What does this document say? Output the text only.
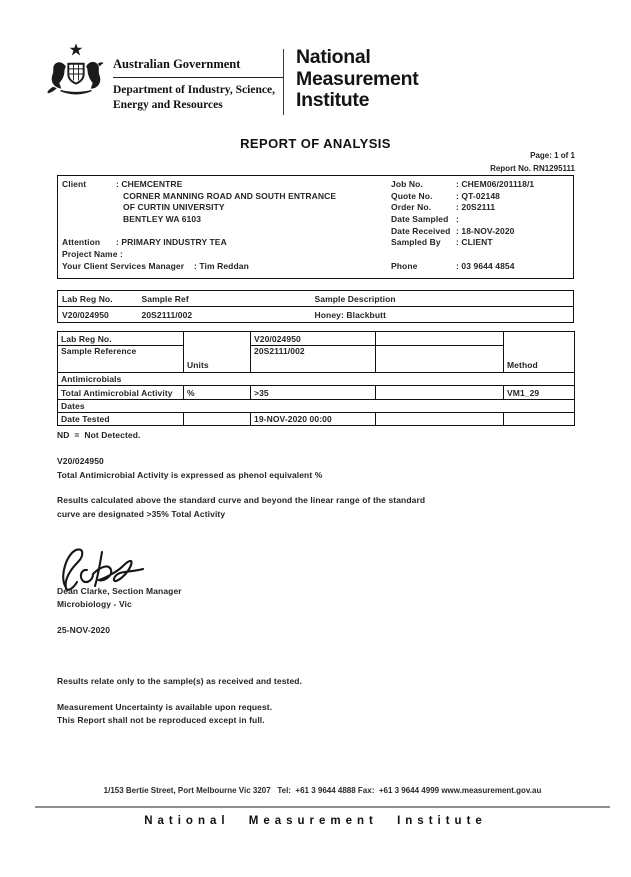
Australian Government
Department of Industry, Science,
Energy and Resources
National
Measurement
Institute
REPORT OF ANALYSIS
Page: 1 of 1
Report No. RN1295111
Client	: CHEMCENTRE
CORNER MANNING ROAD AND SOUTH ENTRANCE
OF CURTIN UNIVERSITY
BENTLEY WA 6103

Attention : PRIMARY INDUSTRY TEA
Project Name :
Your Client Services Manager : Tim Reddan
Job No.	: CHEM06/201118/1
Quote No.	: QT-02148
Order No.	: 20S2111
Date Sampled :
Date Received : 18-NOV-2020
Sampled By : CLIENT

Phone	: 03 9644 4854
Lab Reg No.	Sample Ref	Sample Description
V20/024950	20S2111/002	Honey: Blackbutt
Lab Reg No.	Units	V20/024950		Method
Sample Reference		20S2111/002		
Antimicrobials				
Total Antimicrobial Activity	%	>35		VM1_29
Dates				
Date Tested		19-NOV-2020 00:00		
ND  =  Not Detected.
V20/024950
Total Antimicrobial Activity is expressed as phenol equivalent %
Results calculated above the standard curve and beyond the linear range of the standard
curve are designated >35% Total Activity
Dean Clarke, Section Manager
Microbiology - Vic
25-NOV-2020
Results relate only to the sample(s) as received and tested.
Measurement Uncertainty is available upon request.
This Report shall not be reproduced except in full.
1/153 Bertie Street, Port Melbourne Vic 3207   Tel:  +61 3 9644 4888 Fax:  +61 3 9644 4999 www.measurement.gov.au
National Measurement Institute
